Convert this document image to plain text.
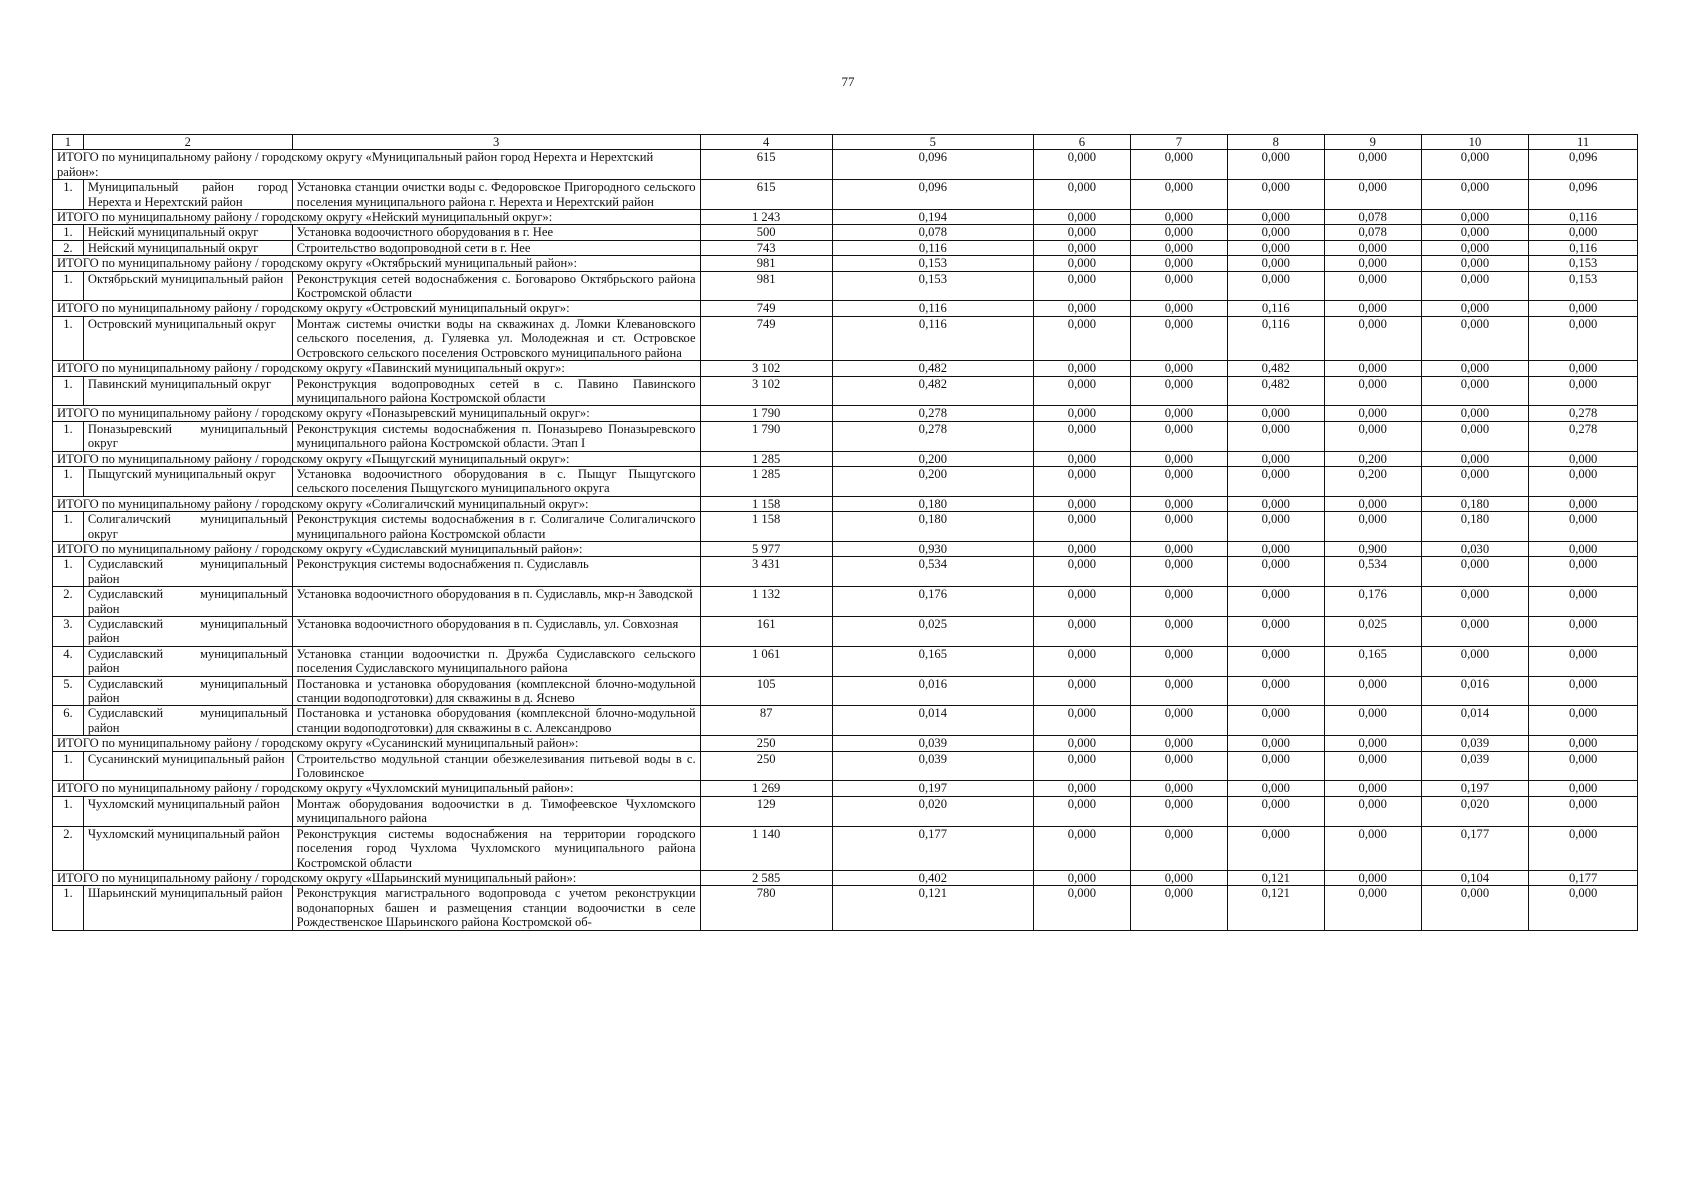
77
1	2	3	4	5	6	7	8	9	10	11
ИТОГО по муниципальному району / городскому округу «Муниципальный район город Нерехта и Нерехтский район»:			615	0,096	0,000	0,000	0,000	0,000	0,000	0,096
1.	Муниципальный район город Нерехта и Нерехтский район	Установка станции очистки воды с. Федоровское Пригородного сельского поселения муниципального района г. Нерехта и Нерехтский район	615	0,096	0,000	0,000	0,000	0,000	0,000	0,096
ИТОГО по муниципальному району / городскому округу «Нейский муниципальный округ»:			1 243	0,194	0,000	0,000	0,000	0,078	0,000	0,116
1.	Нейский муниципальный округ	Установка водоочистного оборудования в г. Нее	500	0,078	0,000	0,000	0,000	0,078	0,000	0,000
2.	Нейский муниципальный округ	Строительство водопроводной сети в г. Нее	743	0,116	0,000	0,000	0,000	0,000	0,000	0,116
ИТОГО по муниципальному району / городскому округу «Октябрьский муниципальный район»:			981	0,153	0,000	0,000	0,000	0,000	0,000	0,153
1.	Октябрьский муниципальный район	Реконструкция сетей водоснабжения с. Боговарово Октябрьского района Костромской области	981	0,153	0,000	0,000	0,000	0,000	0,000	0,153
ИТОГО по муниципальному району / городскому округу «Островский муниципальный округ»:			749	0,116	0,000	0,000	0,116	0,000	0,000	0,000
1.	Островский муниципальный округ	Монтаж системы очистки воды на скважинах д. Ломки Клевановского сельского поселения, д. Гуляевка ул. Молодежная и ст. Островское Островского сельского поселения Островского муниципального района	749	0,116	0,000	0,000	0,116	0,000	0,000	0,000
ИТОГО по муниципальному району / городскому округу «Павинский муниципальный округ»:			3 102	0,482	0,000	0,000	0,482	0,000	0,000	0,000
1.	Павинский муниципальный округ	Реконструкция водопроводных сетей в с. Павино Павинского муниципального района Костромской области	3 102	0,482	0,000	0,000	0,482	0,000	0,000	0,000
ИТОГО по муниципальному району / городскому округу «Поназыревский муниципальный округ»:			1 790	0,278	0,000	0,000	0,000	0,000	0,000	0,278
1.	Поназыревский муниципальный округ	Реконструкция системы водоснабжения п. Поназырево Поназыревского муниципального района Костромской области. Этап I	1 790	0,278	0,000	0,000	0,000	0,000	0,000	0,278
ИТОГО по муниципальному району / городскому округу «Пыщугский муниципальный округ»:			1 285	0,200	0,000	0,000	0,000	0,200	0,000	0,000
1.	Пыщугский муниципальный округ	Установка водоочистного оборудования в с. Пыщуг Пыщугского сельского поселения Пыщугского муниципального округа	1 285	0,200	0,000	0,000	0,000	0,200	0,000	0,000
ИТОГО по муниципальному району / городскому округу «Солигаличский муниципальный округ»:			1 158	0,180	0,000	0,000	0,000	0,000	0,180	0,000
1.	Солигаличский муниципальный округ	Реконструкция системы водоснабжения в г. Солигаличе Солигаличского муниципального района Костромской области	1 158	0,180	0,000	0,000	0,000	0,000	0,180	0,000
ИТОГО по муниципальному району / городскому округу «Судиславский муниципальный район»:			5 977	0,930	0,000	0,000	0,000	0,900	0,030	0,000
1.	Судиславский муниципальный район	Реконструкция системы водоснабжения п. Судиславль	3 431	0,534	0,000	0,000	0,000	0,534	0,000	0,000
2.	Судиславский муниципальный район	Установка водоочистного оборудования в п. Судиславль, мкр-н Заводской	1 132	0,176	0,000	0,000	0,000	0,176	0,000	0,000
3.	Судиславский муниципальный район	Установка водоочистного оборудования в п. Судиславль, ул. Совхозная	161	0,025	0,000	0,000	0,000	0,025	0,000	0,000
4.	Судиславский муниципальный район	Установка станции водоочистки п. Дружба Судиславского сельского поселения Судиславского муниципального района	1 061	0,165	0,000	0,000	0,000	0,165	0,000	0,000
5.	Судиславский муниципальный район	Постановка и установка оборудования (комплексной блочно-модульной станции водоподготовки) для скважины в д. Яснево	105	0,016	0,000	0,000	0,000	0,000	0,016	0,000
6.	Судиславский муниципальный район	Постановка и установка оборудования (комплексной блочно-модульной станции водоподготовки) для скважины в с. Александрово	87	0,014	0,000	0,000	0,000	0,000	0,014	0,000
ИТОГО по муниципальному району / городскому округу «Сусанинский муниципальный район»:			250	0,039	0,000	0,000	0,000	0,000	0,039	0,000
1.	Сусанинский муниципальный район	Строительство модульной станции обезжелезивания питьевой воды в с. Головинское	250	0,039	0,000	0,000	0,000	0,000	0,039	0,000
ИТОГО по муниципальному району / городскому округу «Чухломский муниципальный район»:			1 269	0,197	0,000	0,000	0,000	0,000	0,197	0,000
1.	Чухломский муниципальный район	Монтаж оборудования водоочистки в д. Тимофеевское Чухломского муниципального района	129	0,020	0,000	0,000	0,000	0,000	0,020	0,000
2.	Чухломский муниципальный район	Реконструкция системы водоснабжения на территории городского поселения город Чухлома Чухломского муниципального района Костромской области	1 140	0,177	0,000	0,000	0,000	0,000	0,177	0,000
ИТОГО по муниципальному району / городскому округу «Шарьинский муниципальный район»:			2 585	0,402	0,000	0,000	0,121	0,000	0,104	0,177
1.	Шарьинский муниципальный район	Реконструкция магистрального водопровода с учетом реконструкции водонапорных башен и размещения станции водоочистки в селе Рождественское Шарьинского района Костромской об-	780	0,121	0,000	0,000	0,121	0,000	0,000	0,000
